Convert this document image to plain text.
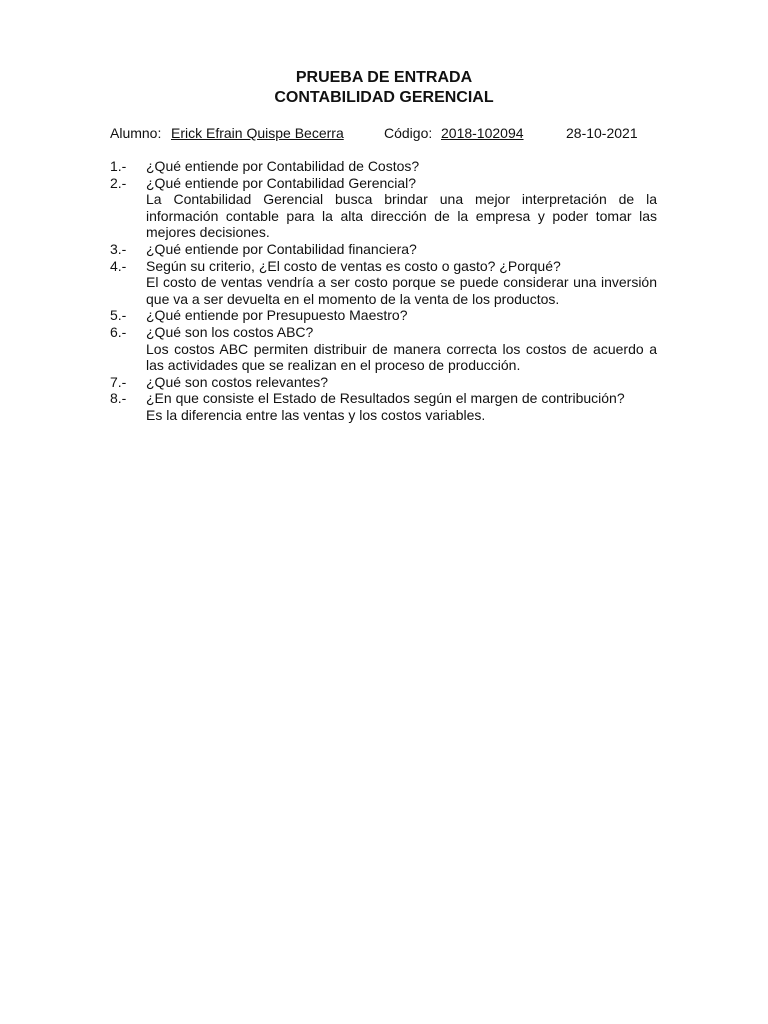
PRUEBA DE ENTRADA
CONTABILIDAD GERENCIAL
Alumno: Erick Efrain Quispe Becerra	Código: 2018-102094	28-10-2021
1.-	¿Qué entiende por Contabilidad de Costos?
2.-	¿Qué entiende por Contabilidad Gerencial?
La Contabilidad Gerencial busca brindar una mejor interpretación de la información contable para la alta dirección de la empresa y poder tomar las mejores decisiones.
3.-	¿Qué entiende por Contabilidad financiera?
4.-	Según su criterio, ¿El costo de ventas es costo o gasto? ¿Porqué?
El costo de ventas vendría a ser costo porque se puede considerar una inversión que va a ser devuelta en el momento de la venta de los productos.
5.-	¿Qué entiende por Presupuesto Maestro?
6.-	¿Qué son los costos ABC?
Los costos ABC permiten distribuir de manera correcta los costos de acuerdo a las actividades que se realizan en el proceso de producción.
7.-	¿Qué son costos relevantes?
8.-	¿En que consiste el Estado de Resultados según el margen de contribución?
Es la diferencia entre las ventas y los costos variables.
